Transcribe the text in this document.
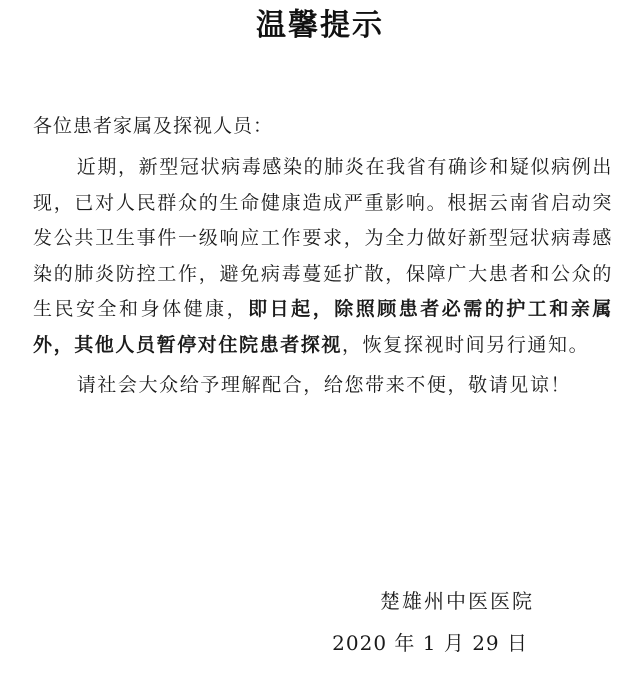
温馨提示
各位患者家属及探视人员：

近期，新型冠状病毒感染的肺炎在我省有确诊和疑似病例出现，已对人民群众的生命健康造成严重影响。根据云南省启动突发公共卫生事件一级响应工作要求，为全力做好新型冠状病毒感染的肺炎防控工作，避免病毒蔓延扩散，保障广大患者和公众的生民安全和身体健康，即日起，除照顾患者必需的护工和亲属外，其他人员暂停对住院患者探视，恢复探视时间另行通知。

请社会大众给予理解配合，给您带来不便，敬请见谅！

楚雄州中医医院
2020 年 1 月 29 日
